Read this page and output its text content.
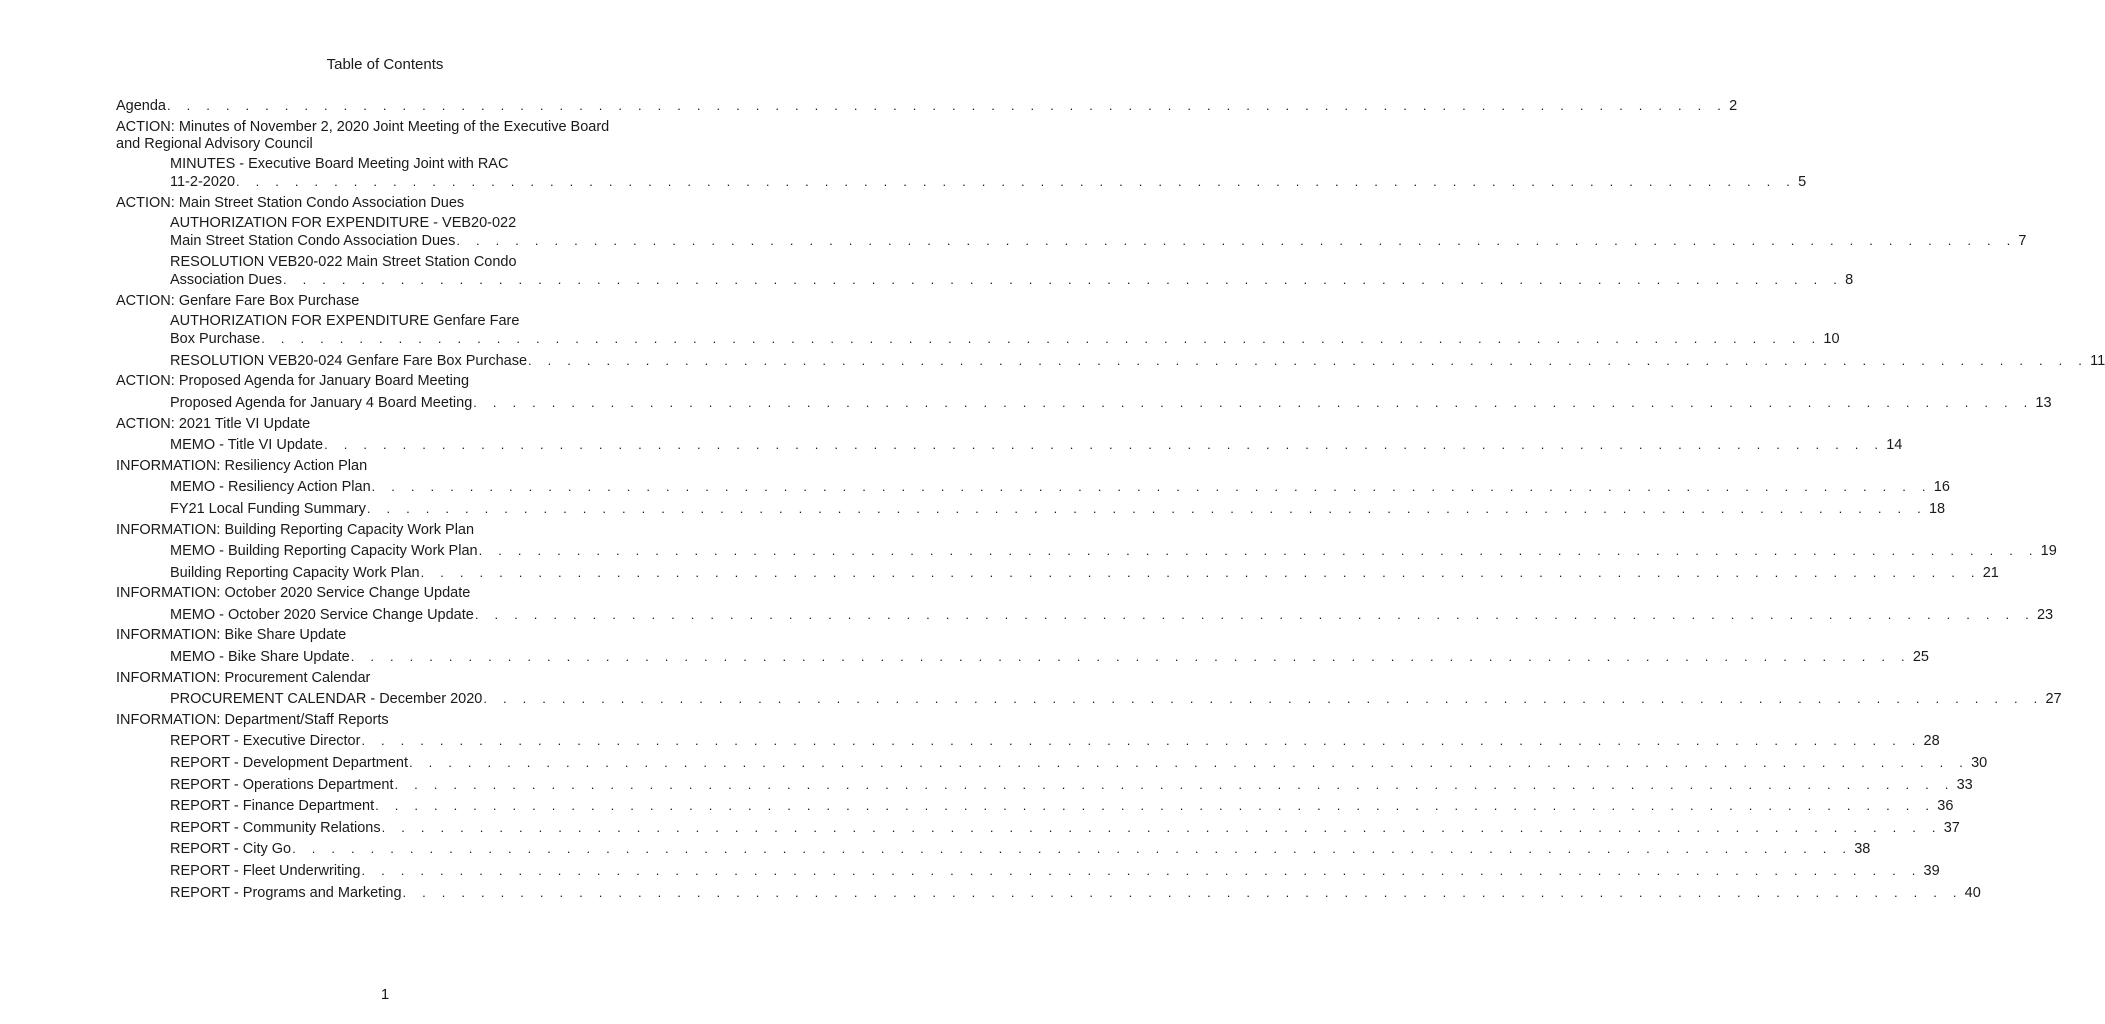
Table of Contents
Agenda . . . . . . . . . . . . . . . . . . . . . . . . . . . . . . . . . . . . . . . . . . . . . . . . . . . . . . . . . . . . . . . . . . . . . . . . . . . . . . . . 2
ACTION: Minutes of November 2, 2020 Joint Meeting of the Executive Board and Regional Advisory Council
MINUTES - Executive Board Meeting Joint with RAC
11-2-2020 . . . . . . . . . . . . . . . . . . . . . . . . . . . . . . . . . . . . . . . . . . . . . . . . . . . . . . . . . . . . . . . . . . . . . . . . . . . . . . . . 5
ACTION: Main Street Station Condo Association Dues
AUTHORIZATION FOR EXPENDITURE - VEB20-022
Main Street Station Condo Association Dues . . . . . . . . . . . . . . . . . . . . . . . . . . . . . . . . . . . . . . . . . . . . . . . . . . . . . . . . . . . . . . . . . . . . . . . . . . . . . . . . 7
RESOLUTION VEB20-022 Main Street Station Condo
Association Dues . . . . . . . . . . . . . . . . . . . . . . . . . . . . . . . . . . . . . . . . . . . . . . . . . . . . . . . . . . . . . . . . . . . . . . . . . . . . . . . . 8
ACTION: Genfare Fare Box Purchase
AUTHORIZATION FOR EXPENDITURE Genfare Fare
Box Purchase . . . . . . . . . . . . . . . . . . . . . . . . . . . . . . . . . . . . . . . . . . . . . . . . . . . . . . . . . . . . . . . . . . . . . . . . . . . . . . . . 10
RESOLUTION VEB20-024 Genfare Fare Box Purchase . . . . . . . . . . . . . . . . . . . . . . . . . . . . . . . . . . . . . . . . . . . . . . . . . . . . . . . . . . . . . . . . . . . . . . . . . . . . . . . . 11
ACTION: Proposed Agenda for January Board Meeting
Proposed Agenda for January 4 Board Meeting . . . . . . . . . . . . . . . . . . . . . . . . . . . . . . . . . . . . . . . . . . . . . . . . . . . . . . . . . . . . . . . . . . . . . . . . . . . . . . . . 13
ACTION: 2021 Title VI Update
MEMO - Title VI Update . . . . . . . . . . . . . . . . . . . . . . . . . . . . . . . . . . . . . . . . . . . . . . . . . . . . . . . . . . . . . . . . . . . . . . . . . . . . . . . . 14
INFORMATION: Resiliency Action Plan
MEMO - Resiliency Action Plan . . . . . . . . . . . . . . . . . . . . . . . . . . . . . . . . . . . . . . . . . . . . . . . . . . . . . . . . . . . . . . . . . . . . . . . . . . . . . . . . 16
FY21 Local Funding Summary . . . . . . . . . . . . . . . . . . . . . . . . . . . . . . . . . . . . . . . . . . . . . . . . . . . . . . . . . . . . . . . . . . . . . . . . . . . . . . . . 18
INFORMATION: Building Reporting Capacity Work Plan
MEMO - Building Reporting Capacity Work Plan . . . . . . . . . . . . . . . . . . . . . . . . . . . . . . . . . . . . . . . . . . . . . . . . . . . . . . . . . . . . . . . . . . . . . . . . . . . . . . . . 19
Building Reporting Capacity Work Plan . . . . . . . . . . . . . . . . . . . . . . . . . . . . . . . . . . . . . . . . . . . . . . . . . . . . . . . . . . . . . . . . . . . . . . . . . . . . . . . . 21
INFORMATION: October 2020 Service Change Update
MEMO - October 2020 Service Change Update . . . . . . . . . . . . . . . . . . . . . . . . . . . . . . . . . . . . . . . . . . . . . . . . . . . . . . . . . . . . . . . . . . . . . . . . . . . . . . . . 23
INFORMATION: Bike Share Update
MEMO - Bike Share Update . . . . . . . . . . . . . . . . . . . . . . . . . . . . . . . . . . . . . . . . . . . . . . . . . . . . . . . . . . . . . . . . . . . . . . . . . . . . . . . . 25
INFORMATION: Procurement Calendar
PROCUREMENT CALENDAR - December 2020 . . . . . . . . . . . . . . . . . . . . . . . . . . . . . . . . . . . . . . . . . . . . . . . . . . . . . . . . . . . . . . . . . . . . . . . . . . . . . . . . 27
INFORMATION: Department/Staff Reports
REPORT - Executive Director . . . . . . . . . . . . . . . . . . . . . . . . . . . . . . . . . . . . . . . . . . . . . . . . . . . . . . . . . . . . . . . . . . . . . . . . . . . . . . . . 28
REPORT - Development Department . . . . . . . . . . . . . . . . . . . . . . . . . . . . . . . . . . . . . . . . . . . . . . . . . . . . . . . . . . . . . . . . . . . . . . . . . . . . . . . . 30
REPORT - Operations Department . . . . . . . . . . . . . . . . . . . . . . . . . . . . . . . . . . . . . . . . . . . . . . . . . . . . . . . . . . . . . . . . . . . . . . . . . . . . . . . . 33
REPORT - Finance Department . . . . . . . . . . . . . . . . . . . . . . . . . . . . . . . . . . . . . . . . . . . . . . . . . . . . . . . . . . . . . . . . . . . . . . . . . . . . . . . . 36
REPORT - Community Relations . . . . . . . . . . . . . . . . . . . . . . . . . . . . . . . . . . . . . . . . . . . . . . . . . . . . . . . . . . . . . . . . . . . . . . . . . . . . . . . . 37
REPORT - City Go . . . . . . . . . . . . . . . . . . . . . . . . . . . . . . . . . . . . . . . . . . . . . . . . . . . . . . . . . . . . . . . . . . . . . . . . . . . . . . . . 38
REPORT - Fleet Underwriting . . . . . . . . . . . . . . . . . . . . . . . . . . . . . . . . . . . . . . . . . . . . . . . . . . . . . . . . . . . . . . . . . . . . . . . . . . . . . . . . 39
REPORT - Programs and Marketing . . . . . . . . . . . . . . . . . . . . . . . . . . . . . . . . . . . . . . . . . . . . . . . . . . . . . . . . . . . . . . . . . . . . . . . . . . . . . . . . 40
1
